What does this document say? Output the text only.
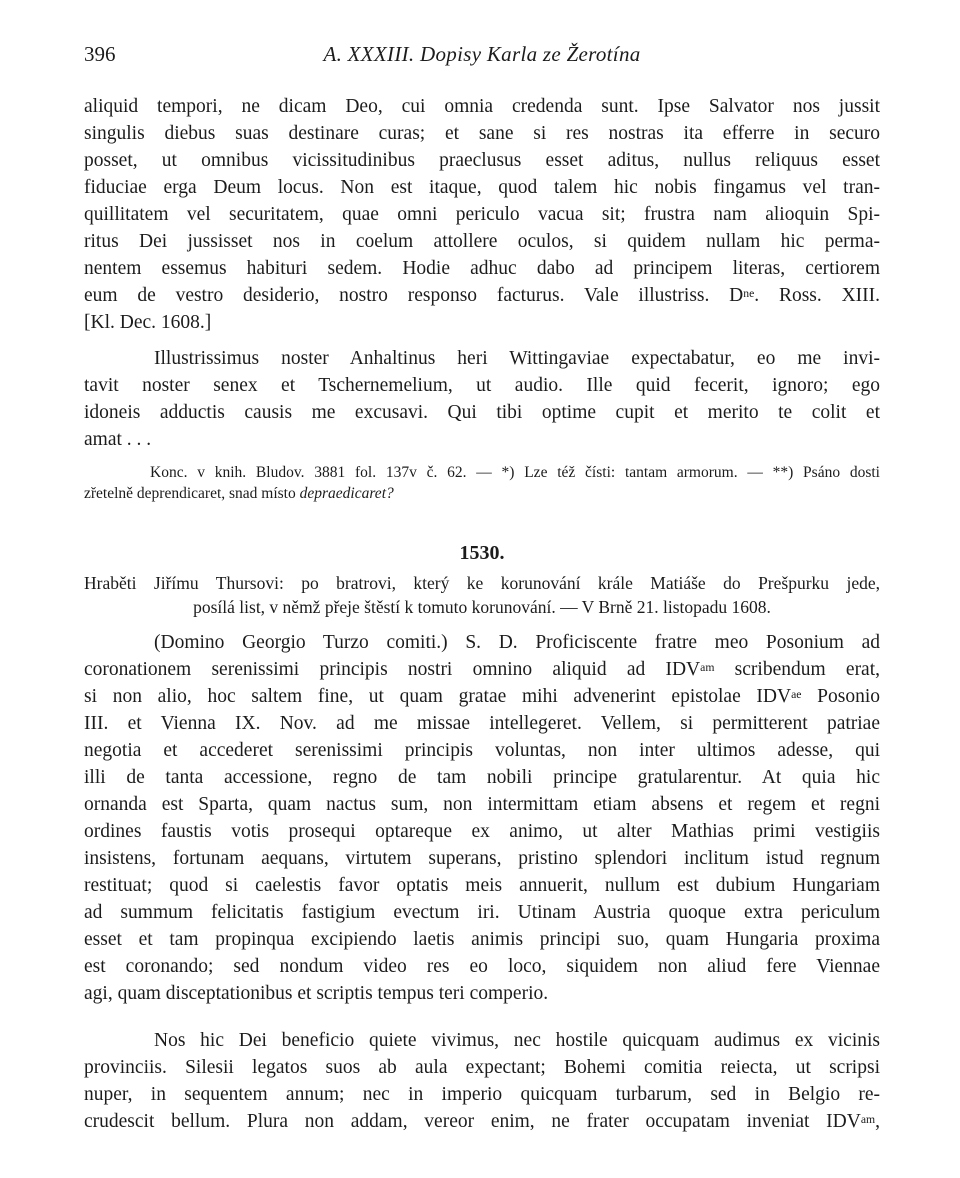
396	A. XXXIII. Dopisy Karla ze Žerotína
aliquid tempori, ne dicam Deo, cui omnia credenda sunt. Ipse Salvator nos jussit
singulis diebus suas destinare curas; et sane si res nostras ita efferre in securo
posset, ut omnibus vicissitudinibus praeclusus esset aditus, nullus reliquus esset
fiduciae erga Deum locus. Non est itaque, quod talem hic nobis fingamus vel tran-
quillitatem vel securitatem, quae omni periculo vacua sit; frustra nam alioquin Spi-
ritus Dei jussisset nos in coelum attollere oculos, si quidem nullam hic perma-
nentem essemus habituri sedem. Hodie adhuc dabo ad principem literas, certiorem
eum de vestro desiderio, nostro responso facturus. Vale illustriss. $D^{ne}$. Ross. XIII.
[Kl. Dec. 1608.]
Illustrissimus noster Anhaltinus heri Wittingaviae expectabatur, eo me invi-
tavit noster senex et Tschernemelium, ut audio. Ille quid fecerit, ignoro; ego
idoneis adductis causis me excusavi. Qui tibi optime cupit et merito te colit et
amat . . .
Konc. v knih. Bludov. 3881 fol. 137v č. 62. — *) Lze též čísti: tantam armorum. — **) Psáno dosti
zřetelně deprendicaret, snad místo depraedicaret?
1530.
Hraběti Jiřímu Thursovi: po bratrovi, který ke korunování krále Matiáše do Prešpurku jede,
posílá list, v němž přeje štěstí k tomuto korunování. — V Brně 21. listopadu 1608.
(Domino Georgio Turzo comiti.) S. D. Proficiscente fratre meo Posonium ad
coronationem serenissimi principis nostri omnino aliquid ad $IDV^{am}$ scribendum erat,
si non alio, hoc saltem fine, ut quam gratae mihi advenerint epistolae $IDV^{ae}$ Posonio
III. et Vienna IX. Nov. ad me missae intellegeret. Vellem, si permitterent patriae
negotia et accederet serenissimi principis voluntas, non inter ultimos adesse, qui
illi de tanta accessione, regno de tam nobili principe gratularentur. At quia hic
ornanda est Sparta, quam nactus sum, non intermittam etiam absens et regem et regni
ordines faustis votis prosequi optareque ex animo, ut alter Mathias primi vestigiis
insistens, fortunam aequans, virtutem superans, pristino splendori inclitum istud regnum
restituat; quod si caelestis favor optatis meis annuerit, nullum est dubium Hungariam
ad summum felicitatis fastigium evectum iri. Utinam Austria quoque extra periculum
esset et tam propinqua excipiendo laetis animis principi suo, quam Hungaria proxima
est coronando; sed nondum video res eo loco, siquidem non aliud fere Viennae
agi, quam disceptationibus et scriptis tempus teri comperio.
Nos hic Dei beneficio quiete vivimus, nec hostile quicquam audimus ex vicinis
provinciis. Silesii legatos suos ab aula expectant; Bohemi comitia reiecta, ut scripsi
nuper, in sequentem annum; nec in imperio quicquam turbarum, sed in Belgio re-
crudescit bellum. Plura non addam, vereor enim, ne frater occupatam inveniat $IDV^{am}$,
